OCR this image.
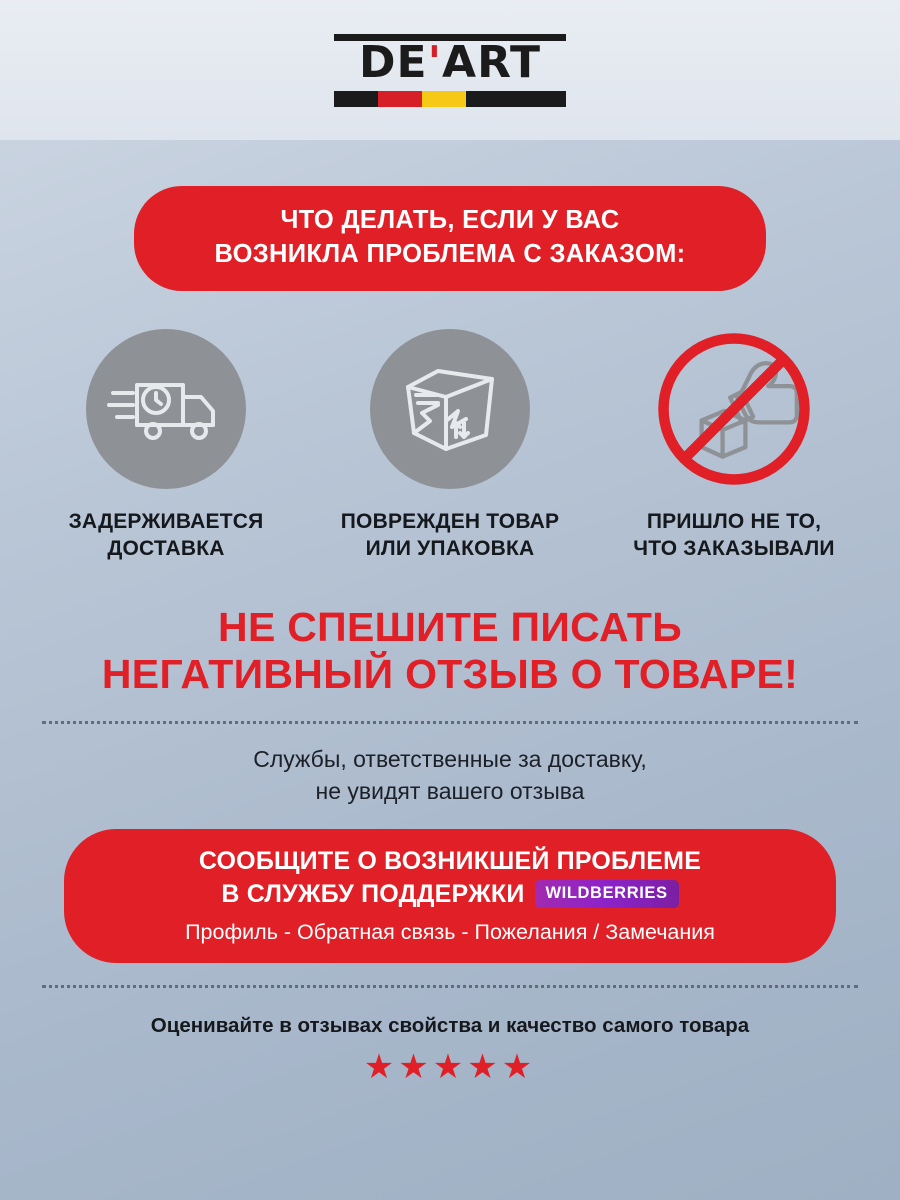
DE'ART
ЧТО ДЕЛАТЬ, ЕСЛИ У ВАС
ВОЗНИКЛА ПРОБЛЕМА С ЗАКАЗОМ:
ЗАДЕРЖИВАЕТСЯ
ДОСТАВКА
ПОВРЕЖДЕН ТОВАР
ИЛИ УПАКОВКА
ПРИШЛО НЕ ТО,
ЧТО ЗАКАЗЫВАЛИ
НЕ СПЕШИТЕ ПИСАТЬ
НЕГАТИВНЫЙ ОТЗЫВ О ТОВАРЕ!
Службы, ответственные за доставку,
не увидят вашего отзыва
СООБЩИТЕ О ВОЗНИКШЕЙ ПРОБЛЕМЕ
В СЛУЖБУ ПОДДЕРЖКИ	WILDBERRIES
Профиль - Обратная связь - Пожелания / Замечания
Оценивайте в отзывах свойства и качество самого товара
★★★★★
